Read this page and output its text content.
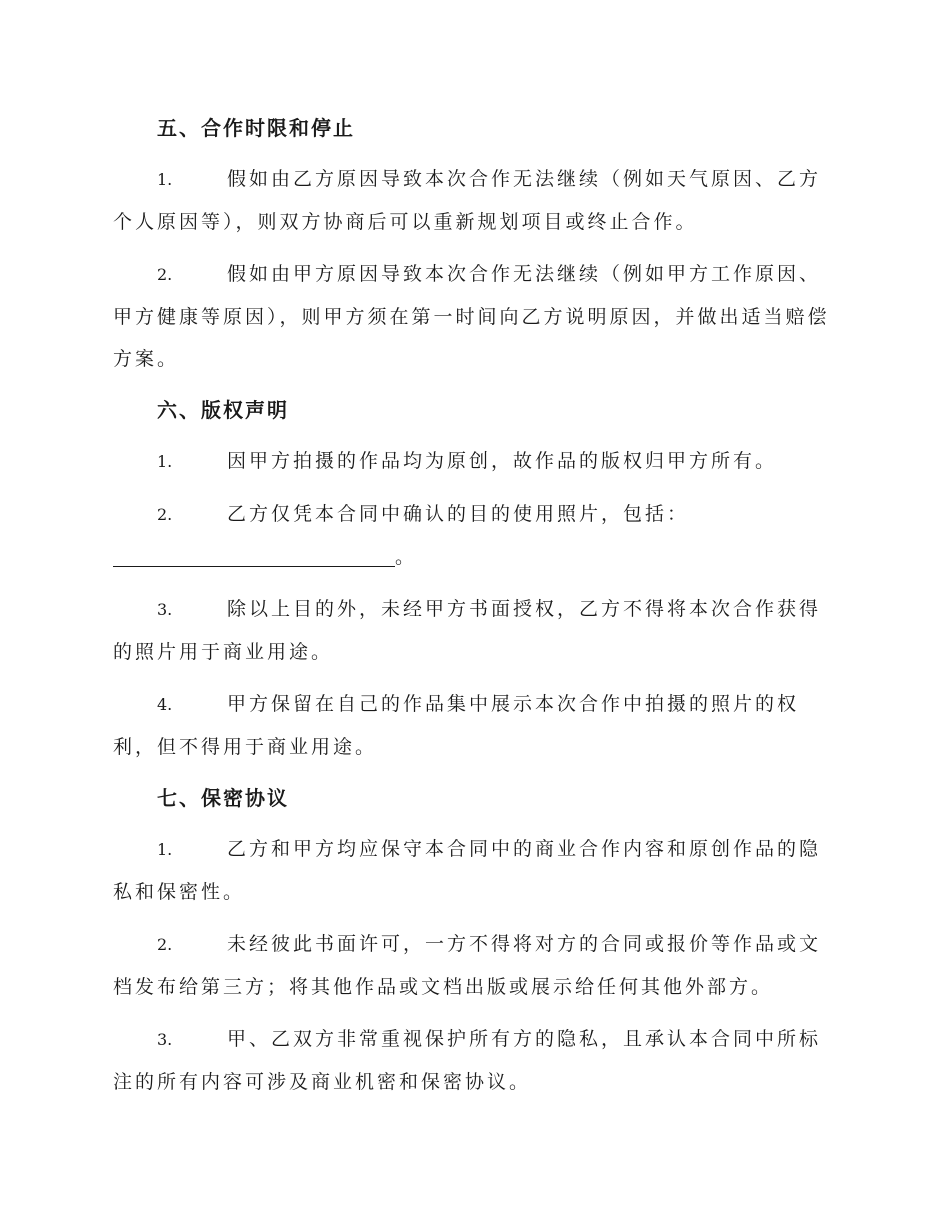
五、合作时限和停止

1.	假如由乙方原因导致本次合作无法继续（例如天气原因、乙方个人原因等），则双方协商后可以重新规划项目或终止合作。

2.	假如由甲方原因导致本次合作无法继续（例如甲方工作原因、甲方健康等原因），则甲方须在第一时间向乙方说明原因，并做出适当赔偿方案。

六、版权声明

1.	因甲方拍摄的作品均为原创，故作品的版权归甲方所有。

2.	乙方仅凭本合同中确认的目的使用照片，包括：

。

3.	除以上目的外，未经甲方书面授权，乙方不得将本次合作获得的照片用于商业用途。

4.	甲方保留在自己的作品集中展示本次合作中拍摄的照片的权利，但不得用于商业用途。

七、保密协议

1.	乙方和甲方均应保守本合同中的商业合作内容和原创作品的隐私和保密性。

2.	未经彼此书面许可，一方不得将对方的合同或报价等作品或文档发布给第三方；将其他作品或文档出版或展示给任何其他外部方。

3.	甲、乙双方非常重视保护所有方的隐私，且承认本合同中所标注的所有内容可涉及商业机密和保密协议。
